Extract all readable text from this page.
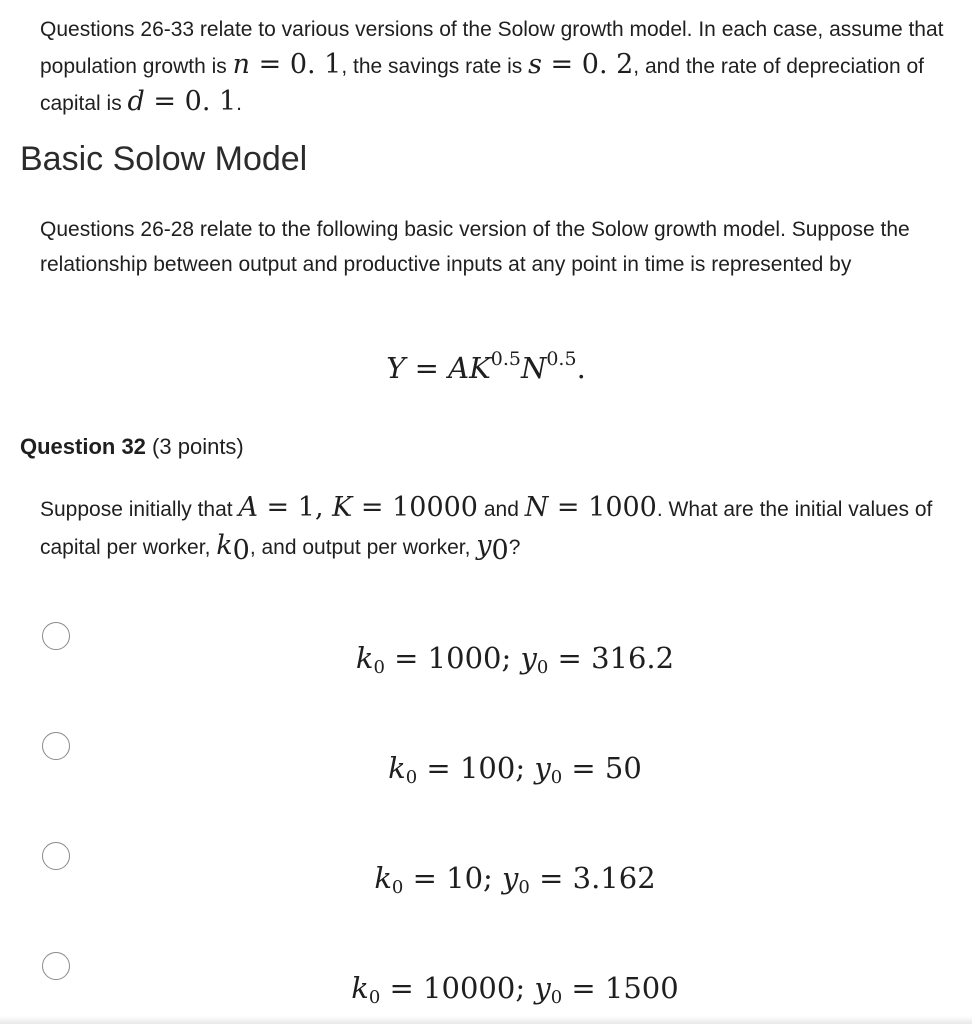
Questions 26-33 relate to various versions of the Solow growth model. In each case, assume that population growth is n = 0. 1, the savings rate is s = 0. 2, and the rate of depreciation of capital is d = 0. 1.
Basic Solow Model
Questions 26-28 relate to the following basic version of the Solow growth model. Suppose the relationship between output and productive inputs at any point in time is represented by
$Y = AK^{0.5}N^{0.5}$.
Question 32 (3 points)
Suppose initially that A = 1, K = 10000 and N = 1000. What are the initial values of capital per worker, $k_0$, and output per worker, $y_0$?
$k_0 = 1000$; $y_0 = 316.2$
$k_0 = 100$; $y_0 = 50$
$k_0 = 10$; $y_0 = 3.162$
$k_0 = 10000$; $y_0 = 1500$
